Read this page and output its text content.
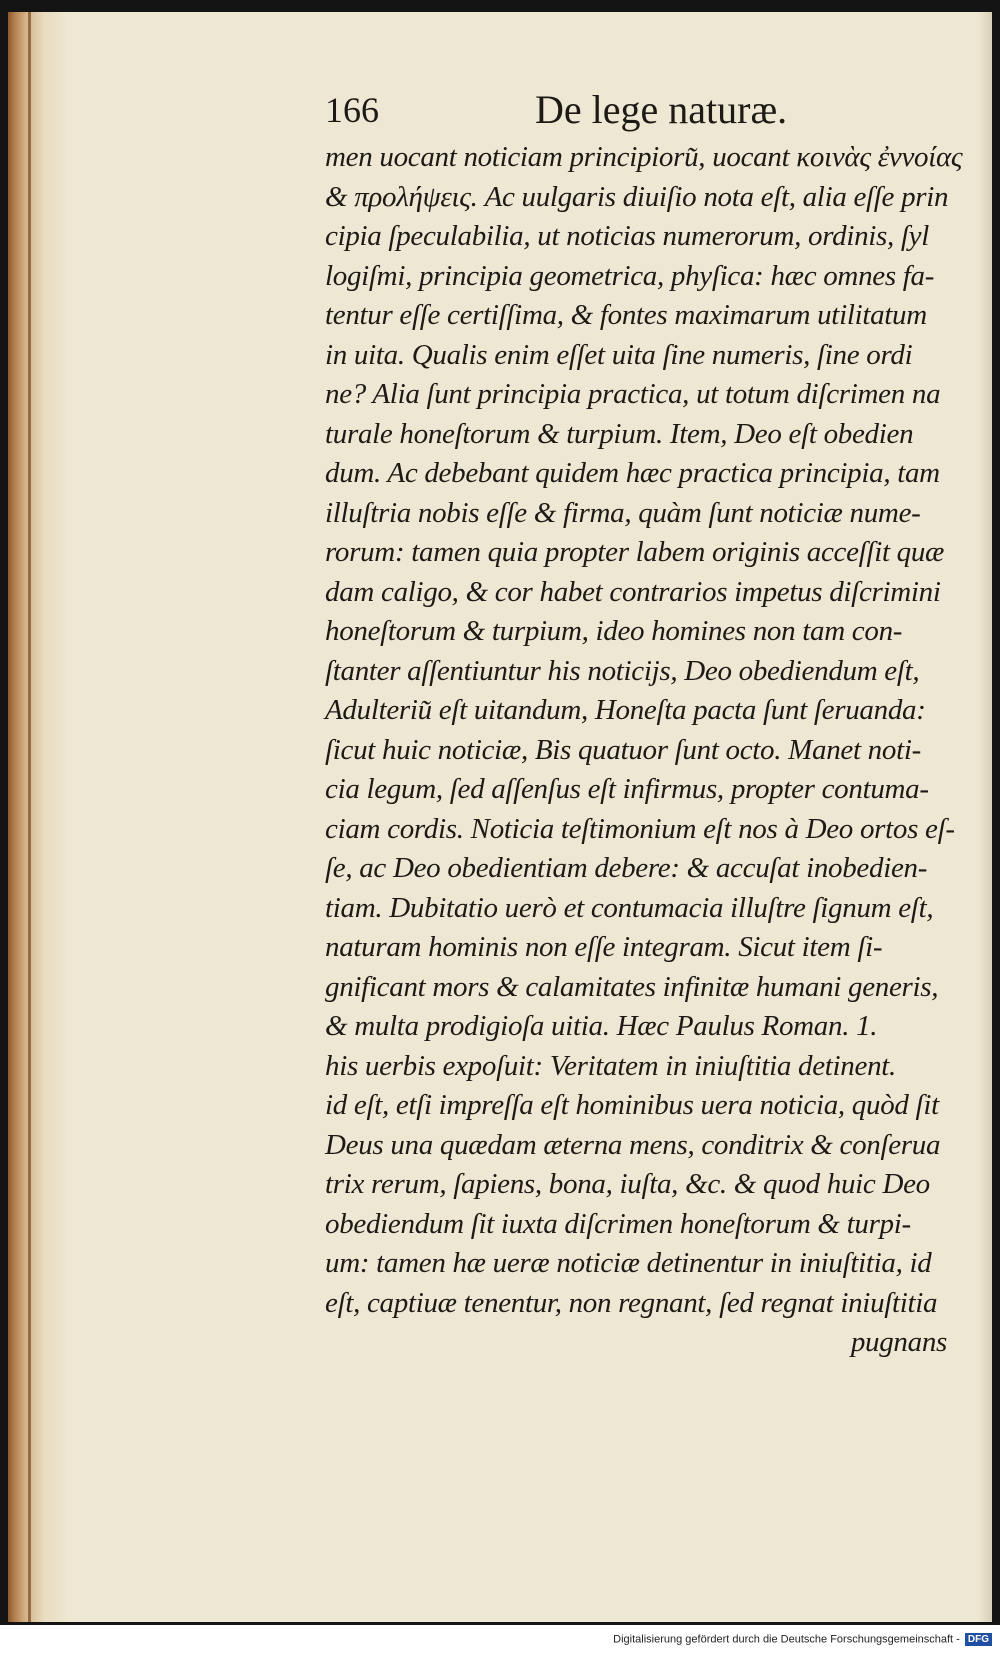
166	De lege naturæ.
men uocant noticiam principioru͂, uocant κοινὰς ἐννοίας
& προλήψεις. Ac uulgaris diuiſio nota eſt, alia eſſe prin
cipia ſpeculabilia, ut noticias numerorum, ordinis, ſyl
logiſmi, principia geometrica, phyſica: hæc omnes fa-
tentur eſſe certiſſima, & fontes maximarum utilitatum
in uita. Qualis enim eſſet uita ſine numeris, ſine ordi
ne? Alia ſunt principia practica, ut totum diſcrimen na
turale honeſtorum & turpium. Item, Deo eſt obedien
dum. Ac debebant quidem hæc practica principia, tam
illuſtria nobis eſſe & firma, quàm ſunt noticiæ nume-
rorum: tamen quia propter labem originis acceſſit quæ
dam caligo, & cor habet contrarios impetus diſcrimini
honeſtorum & turpium, ideo homines non tam con-
ſtanter aſſentiuntur his noticijs, Deo obediendum eſt,
Adulteriu͂ eſt uitandum, Honeſta pacta ſunt ſeruanda:
ſicut huic noticiæ, Bis quatuor ſunt octo. Manet noti-
cia legum, ſed aſſenſus eſt infirmus, propter contuma-
ciam cordis. Noticia teſtimonium eſt nos à Deo ortos eſ-
ſe, ac Deo obedientiam debere: & accuſat inobedien-
tiam. Dubitatio uerò et contumacia illuſtre ſignum eſt,
naturam hominis non eſſe integram. Sicut item ſi-
gnificant mors & calamitates infinitæ humani generis,
& multa prodigioſa uitia. Hæc Paulus Roman. 1.
his uerbis expoſuit: Veritatem in iniuſtitia detinent.
id eſt, etſi impreſſa eſt hominibus uera noticia, quòd ſit
Deus una quædam æterna mens, conditrix & conſerua
trix rerum, ſapiens, bona, iuſta, &c. & quod huic Deo
obediendum ſit iuxta diſcrimen honeſtorum & turpi-
um: tamen hæ ueræ noticiæ detinentur in iniuſtitia, id
eſt, captiuæ tenentur, non regnant, ſed regnat iniuſtitia
pugnans
Digitalisierung gefördert durch die Deutsche Forschungsgemeinschaft - DFG
